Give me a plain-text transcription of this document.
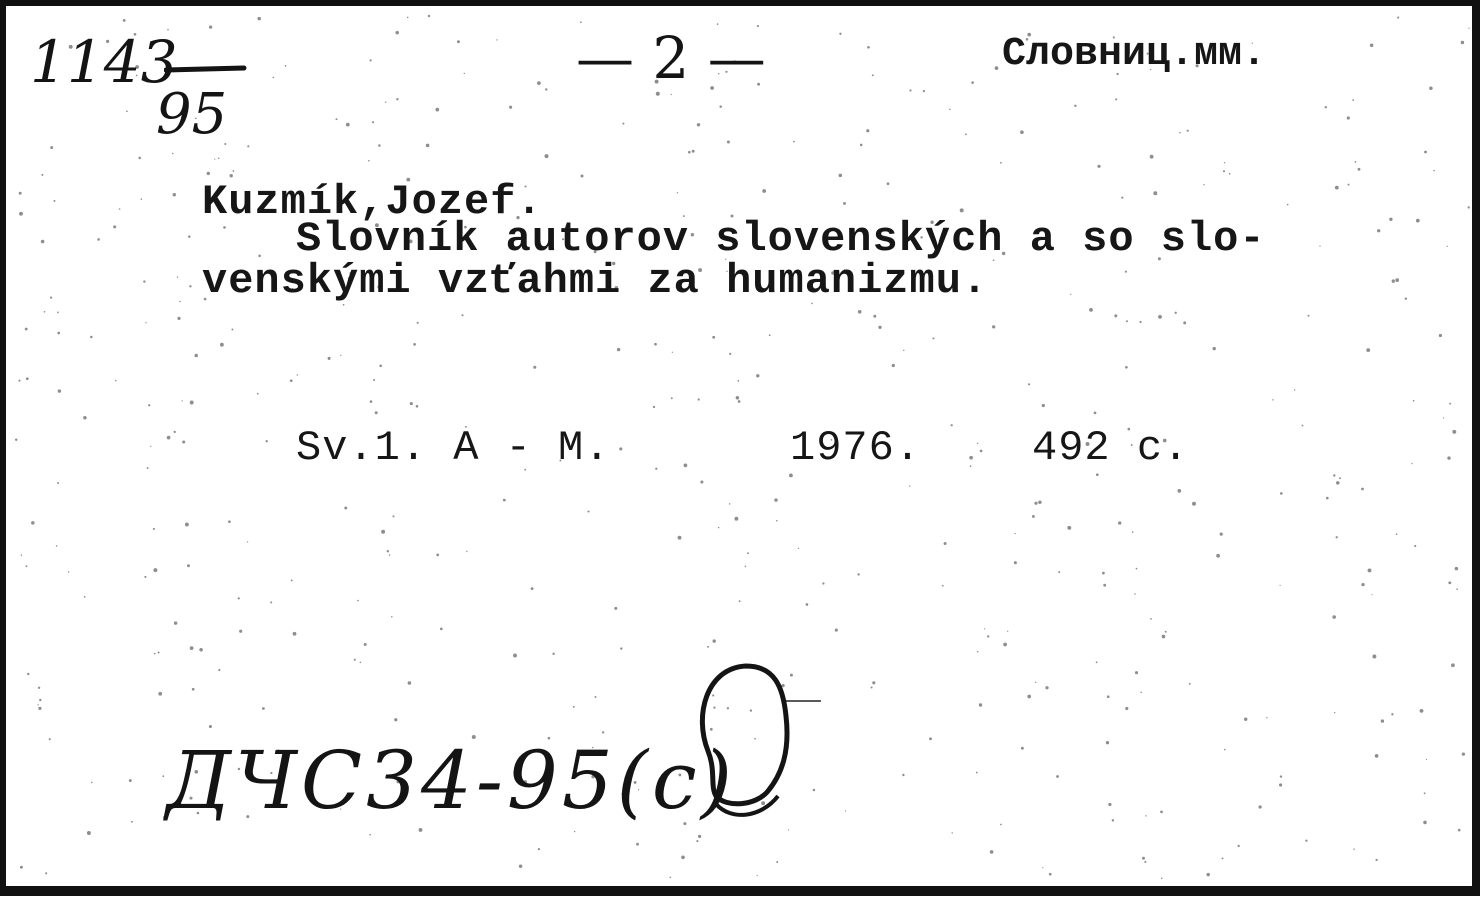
1143
95
— 2 —	Словниц.мм.
Kuzmík,Jozef.
Slovník autorov slovenských a so slo-
venskými vzťahmi za humanizmu.
Sv.1. A - M.	1976.	492 c.
ДЧС34-95(с)
